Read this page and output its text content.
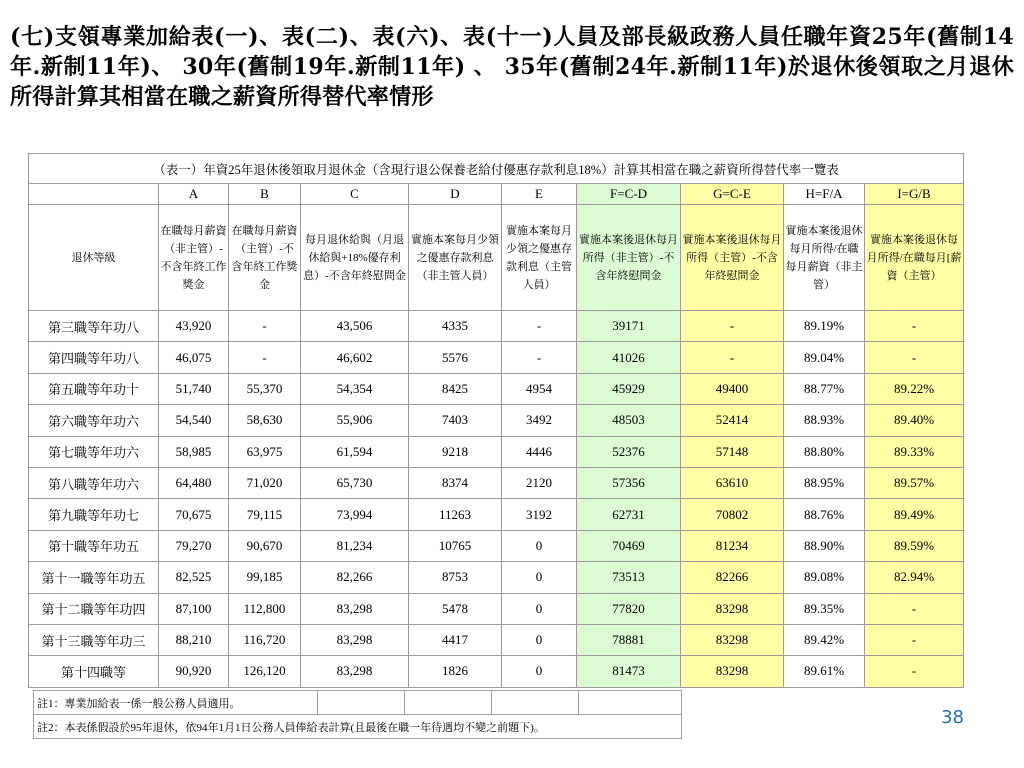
(七)支領專業加給表(一)、表(二)、表(六)、表(十一)人員及部長級政務人員任職年資25年(舊制14年.新制11年)、 30年(舊制19年.新制11年) 、 35年(舊制24年.新制11年)於退休後領取之月退休所得計算其相當在職之薪資所得替代率情形
（表一）年資25年退休後領取月退休金（含現行退公保養老給付優惠存款利息18%）計算其相當在職之薪資所得替代率一覽表									
	A	B	C	D	E	F=C-D	G=C-E	H=F/A	I=G/B
退休等級	在職每月薪資（非主管）-不含年終工作獎金	在職每月薪資（主管）-不含年終工作獎金	每月退休給與（月退休給與+18%優存利息）-不含年終慰問金	實施本案每月少領之優惠存款利息（非主管人員）	實施本案每月少領之優惠存款利息（主管人員）	實施本案後退休每月所得（非主管）-不含年終慰問金	實施本案後退休每月所得（主管）-不含年終慰問金	實施本案後退休每月所得/在職每月薪資（非主管）	實施本案後退休每月所得/在職每月[薪資（主管）
第三職等年功八	43,920	-	43,506	4335	-	39171	-	89.19%	-
第四職等年功八	46,075	-	46,602	5576	-	41026	-	89.04%	-
第五職等年功十	51,740	55,370	54,354	8425	4954	45929	49400	88.77%	89.22%
第六職等年功六	54,540	58,630	55,906	7403	3492	48503	52414	88.93%	89.40%
第七職等年功六	58,985	63,975	61,594	9218	4446	52376	57148	88.80%	89.33%
第八職等年功六	64,480	71,020	65,730	8374	2120	57356	63610	88.95%	89.57%
第九職等年功七	70,675	79,115	73,994	11263	3192	62731	70802	88.76%	89.49%
第十職等年功五	79,270	90,670	81,234	10765	0	70469	81234	88.90%	89.59%
第十一職等年功五	82,525	99,185	82,266	8753	0	73513	82266	89.08%	82.94%
第十二職等年功四	87,100	112,800	83,298	5478	0	77820	83298	89.35%	-
第十三職等年功三	88,210	116,720	83,298	4417	0	78881	83298	89.42%	-
第十四職等	90,920	126,120	83,298	1826	0	81473	83298	89.61%	-
註1：專業加給表一係一般公務人員適用。				
註2：本表係假設於95年退休，依94年1月1日公務人員俸給表計算(且最後在職一年待遇均不變之前題下)。	38
